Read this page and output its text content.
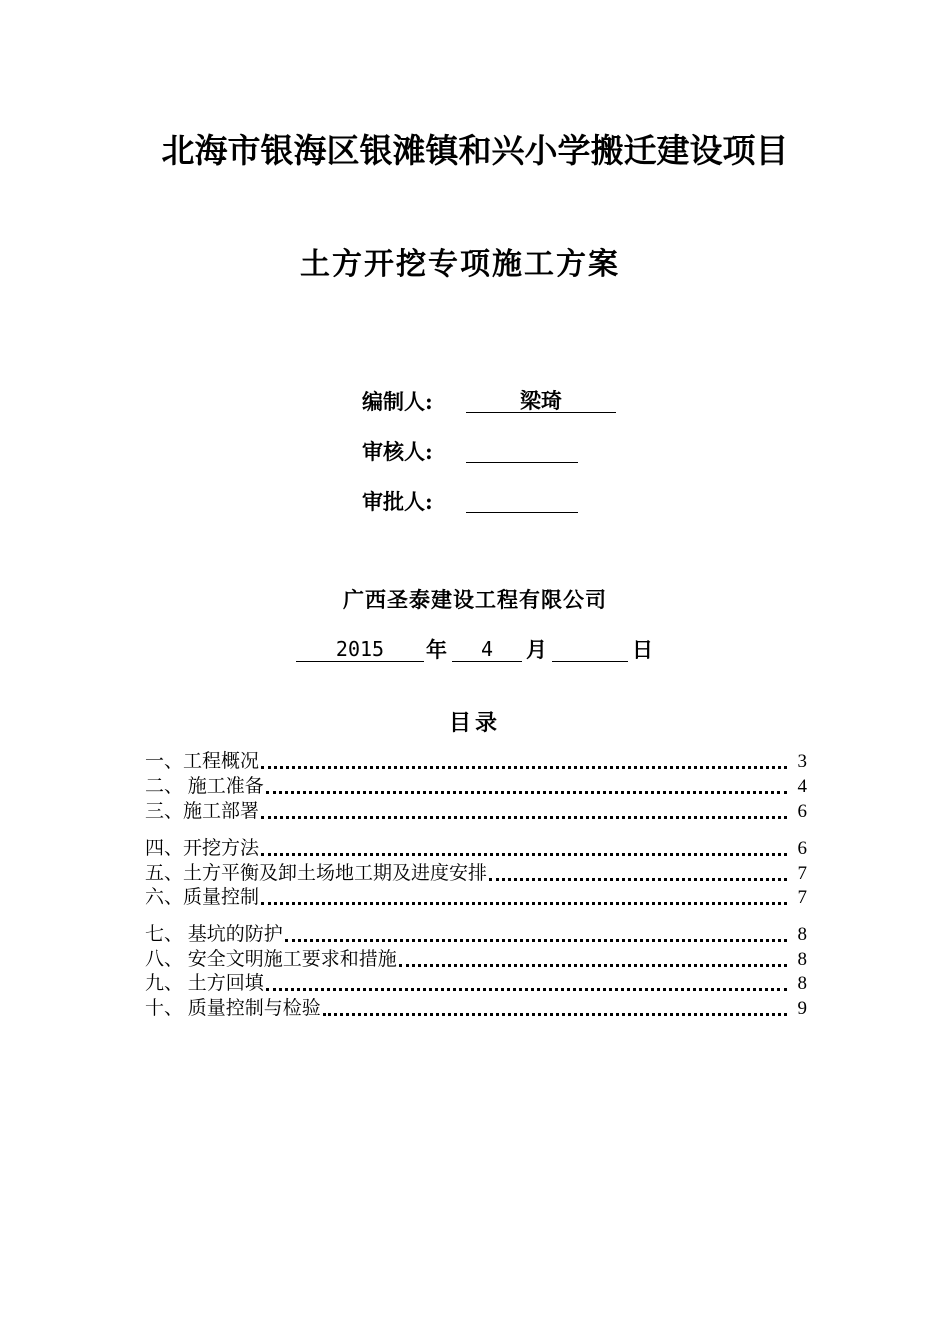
北海市银海区银滩镇和兴小学搬迁建设项目
土方开挖专项施工方案
编制人:	梁琦
审核人:
审批人:
广西圣泰建设工程有限公司
2015	年	4	月	日
目录
一、工程概况	3
二、 施工准备	4
三、施工部署	6
四、开挖方法	6
五、土方平衡及卸土场地工期及进度安排	7
六、质量控制	7
七、 基坑的防护	8
八、 安全文明施工要求和措施	8
九、 土方回填	8
十、 质量控制与检验	9
